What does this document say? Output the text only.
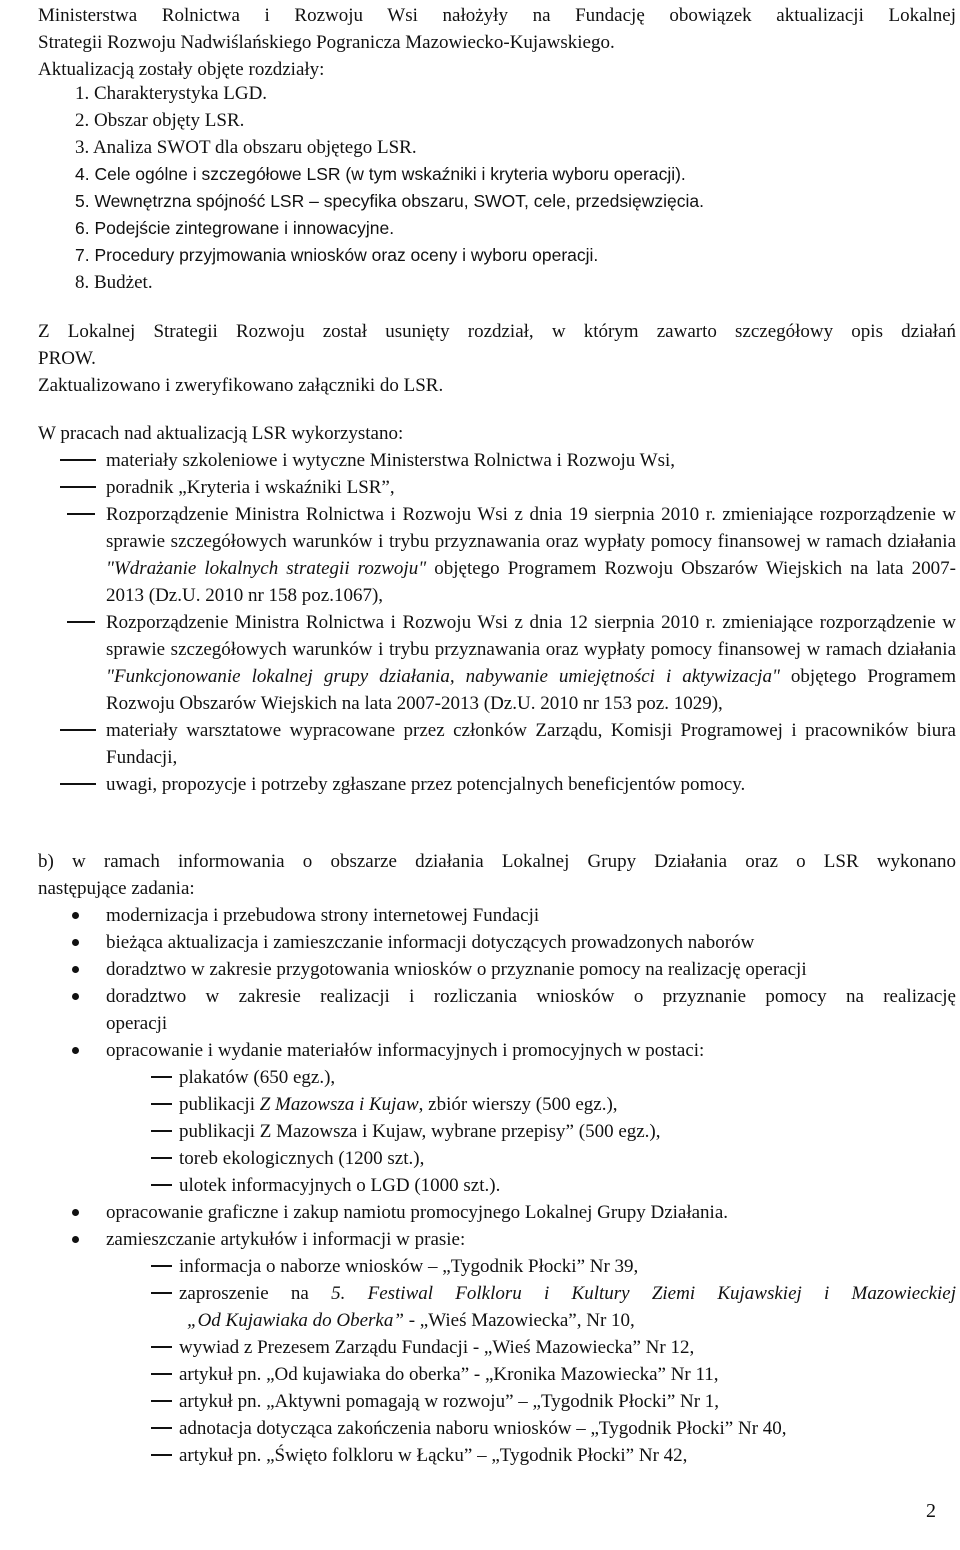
Ministerstwa Rolnictwa i Rozwoju Wsi nałożyły na Fundację obowiązek aktualizacji Lokalnej
Strategii Rozwoju Nadwiślańskiego Pogranicza Mazowiecko-Kujawskiego.
Aktualizacją zostały objęte rozdziały:
1. Charakterystyka LGD.
2. Obszar objęty LSR.
3. Analiza SWOT dla obszaru objętego LSR.
4. Cele ogólne i szczegółowe LSR (w tym wskaźniki i kryteria wyboru operacji).
5. Wewnętrzna spójność LSR – specyfika obszaru, SWOT, cele, przedsięwzięcia.
6. Podejście zintegrowane i innowacyjne.
7. Procedury przyjmowania wniosków oraz oceny i wyboru operacji.
8. Budżet.
Z Lokalnej Strategii Rozwoju został usunięty rozdział, w którym zawarto szczegółowy opis działań
PROW.
Zaktualizowano i zweryfikowano załączniki do LSR.
W pracach nad aktualizacją LSR wykorzystano:
materiały szkoleniowe i wytyczne Ministerstwa Rolnictwa i Rozwoju Wsi,
poradnik „Kryteria i wskaźniki LSR”,
Rozporządzenie Ministra Rolnictwa i Rozwoju Wsi z dnia 19 sierpnia 2010 r. zmieniające rozporządzenie w sprawie szczegółowych warunków i trybu przyznawania oraz wypłaty pomocy finansowej w ramach działania "Wdrażanie lokalnych strategii rozwoju" objętego Programem Rozwoju Obszarów Wiejskich na lata 2007-2013 (Dz.U. 2010 nr 158 poz.1067),
Rozporządzenie Ministra Rolnictwa i Rozwoju Wsi z dnia 12 sierpnia 2010 r. zmieniające rozporządzenie w sprawie szczegółowych warunków i trybu przyznawania oraz wypłaty pomocy finansowej w ramach działania "Funkcjonowanie lokalnej grupy działania, nabywanie umiejętności i aktywizacja" objętego Programem Rozwoju Obszarów Wiejskich na lata 2007-2013 (Dz.U. 2010 nr 153 poz. 1029),
materiały warsztatowe wypracowane przez członków Zarządu, Komisji Programowej i pracowników biura Fundacji,
uwagi, propozycje i potrzeby zgłaszane przez potencjalnych beneficjentów pomocy.
b) w ramach informowania o obszarze działania Lokalnej Grupy Działania oraz o LSR wykonano
następujące zadania:
modernizacja i przebudowa strony internetowej Fundacji
bieżąca aktualizacja i zamieszczanie informacji dotyczących prowadzonych naborów
doradztwo w zakresie przygotowania wniosków o przyznanie pomocy na realizację operacji
doradztwo w zakresie realizacji i rozliczania wniosków o przyznanie pomocy na realizację
operacji
opracowanie i wydanie materiałów informacyjnych i promocyjnych w postaci:
plakatów (650 egz.),
publikacji Z Mazowsza i Kujaw, zbiór wierszy (500 egz.),
publikacji Z Mazowsza i Kujaw, wybrane przepisy” (500 egz.),
toreb ekologicznych (1200 szt.),
ulotek informacyjnych o LGD (1000 szt.).
opracowanie graficzne i zakup namiotu promocyjnego Lokalnej Grupy Działania.
zamieszczanie artykułów i informacji w prasie:
informacja o naborze wniosków – „Tygodnik Płocki” Nr 39,
zaproszenie na 5. Festiwal Folkloru i Kultury Ziemi Kujawskiej i Mazowieckiej
„Od Kujawiaka do Oberka” - „Wieś Mazowiecka”, Nr 10,
wywiad z Prezesem Zarządu Fundacji - „Wieś Mazowiecka” Nr 12,
artykuł pn. „Od kujawiaka do oberka” - „Kronika Mazowiecka” Nr 11,
artykuł pn. „Aktywni pomagają w rozwoju” – „Tygodnik Płocki” Nr 1,
adnotacja dotycząca zakończenia naboru wniosków – „Tygodnik Płocki” Nr 40,
artykuł pn. „Święto folkloru w Łącku” – „Tygodnik Płocki” Nr 42,
2
